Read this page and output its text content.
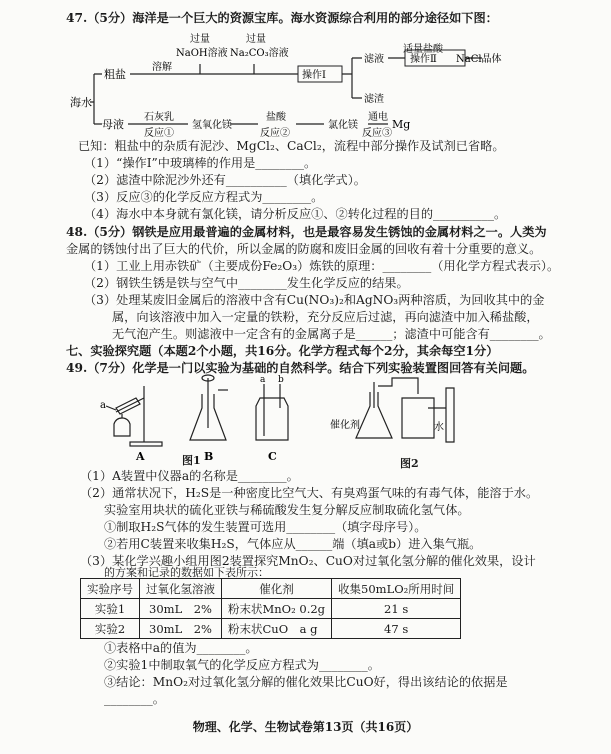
47.（5分）海洋是一个巨大的资源宝库。海水资源综合利用的部分途径如下图：
海水
粗盐
溶解
过量
NaOH溶液
过量
Na₂CO₃溶液
操作Ⅰ
滤液
适量盐酸
操作Ⅱ NaCl晶体
滤渣
母液
石灰乳
反应①
氢氧化镁
盐酸
反应②
氯化镁
通电
反应③
Mg
已知：粗盐中的杂质有泥沙、MgCl₂、CaCl₂，流程中部分操作及试剂已省略。
（1）“操作Ⅰ”中玻璃棒的作用是________。
（2）滤渣中除泥沙外还有__________（填化学式）。
（3）反应③的化学反应方程式为________。
（4）海水中本身就有氯化镁，请分析反应①、②转化过程的目的__________。
48.（5分）钢铁是应用最普遍的金属材料，也是最容易发生锈蚀的金属材料之一。人类为
金属的锈蚀付出了巨大的代价，所以金属的防腐和废旧金属的回收有着十分重要的意义。
（1）工业上用赤铁矿（主要成份Fe₂O₃）炼铁的原理：________（用化学方程式表示）。
（2）钢铁生锈是铁与空气中________发生化学反应的结果。
（3）处理某废旧金属后的溶液中含有Cu(NO₃)₂和AgNO₃两种溶质，为回收其中的金
属，向该溶液中加入一定量的铁粉，充分反应后过滤，再向滤渣中加入稀盐酸，
无气泡产生。则滤液中一定含有的金属离子是______；滤渣中可能含有________。
七、实验探究题（本题2个小题，共16分。化学方程式每个2分，其余每空1分）
49.（7分）化学是一门以实验为基础的自然科学。结合下列实验装置图回答有关问题。
a
a b
A	B	C
图1
催化剂	水
图2
（1）A装置中仪器a的名称是________。
（2）通常状况下，H₂S是一种密度比空气大、有臭鸡蛋气味的有毒气体，能溶于水。
实验室用块状的硫化亚铁与稀硫酸发生复分解反应制取硫化氢气体。
①制取H₂S气体的发生装置可选用________（填字母序号）。
②若用C装置来收集H₂S，气体应从______端（填a或b）进入集气瓶。
（3）某化学兴趣小组用图2装置探究MnO₂、CuO对过氧化氢分解的催化效果，设计
实验序号	过氧化氢溶液	催化剂	收集50mLO₂所用时间
实验1	30mL　2%	粉末状MnO₂ 0.2g	21 s
实验2	30mL　2%	粉末状CuO　a g	47 s
的方案和记录的数据如下表所示：
①表格中a的值为________。
②实验1中制取氧气的化学反应方程式为________。
③结论：MnO₂对过氧化氢分解的催化效果比CuO好，得出该结论的依据是
________。
物理、化学、生物试卷第13页（共16页）
